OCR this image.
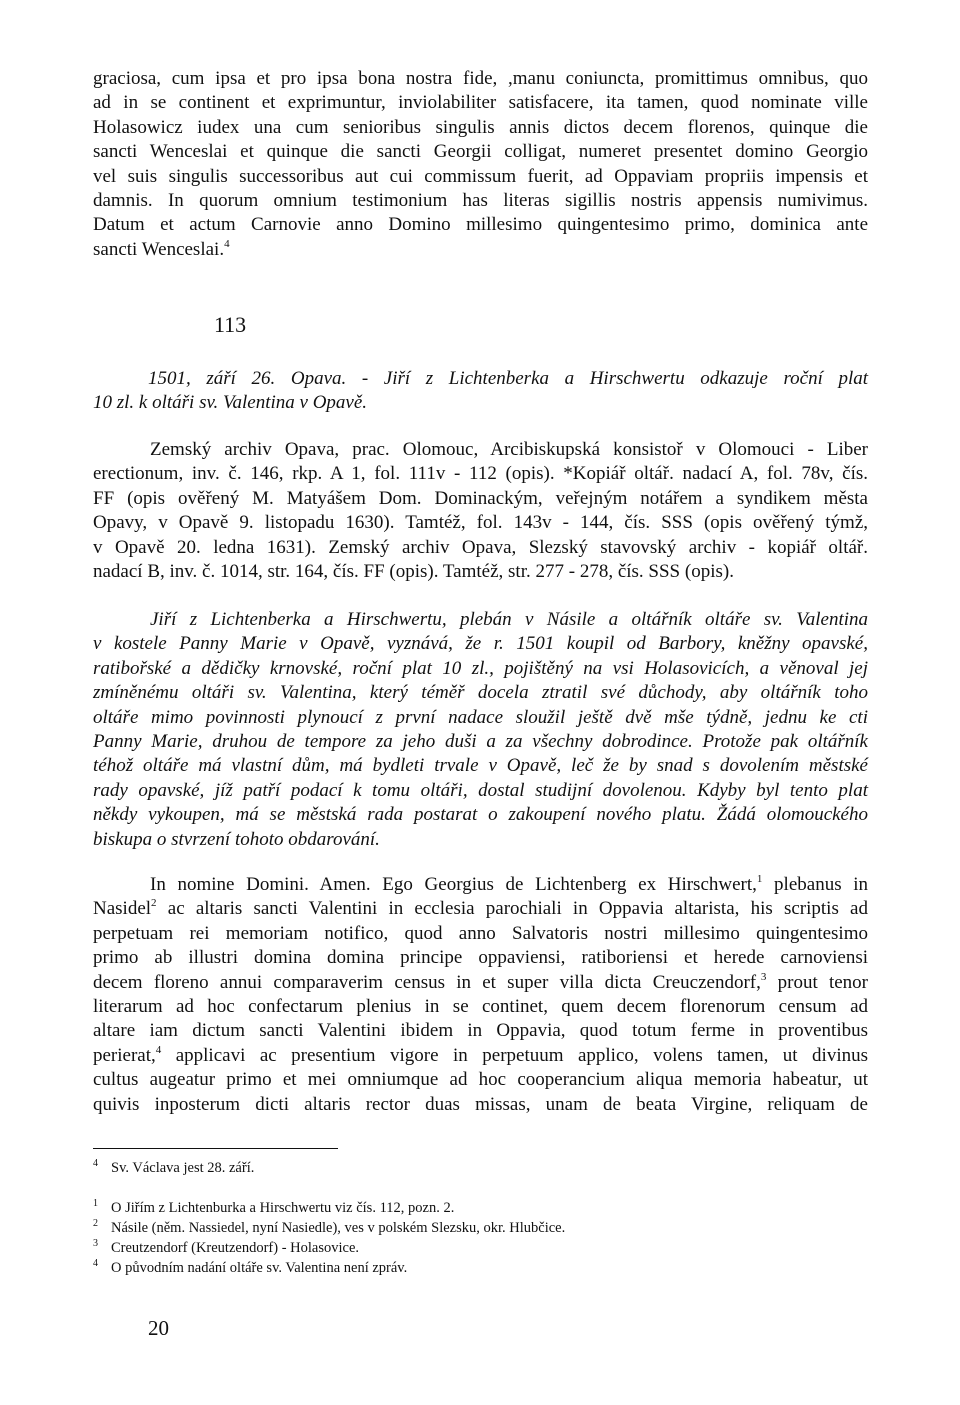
graciosa, cum ipsa et pro ipsa bona nostra fide, ,manu coniuncta, promittimus omnibus, quo
ad in se continent et exprimuntur, inviolabiliter satisfacere, ita tamen, quod nominate ville
Holasowicz iudex una cum senioribus singulis annis dictos decem florenos, quinque die
sancti Wenceslai et quinque die sancti Georgii colligat, numeret presentet domino Georgio
vel suis singulis successoribus aut cui commissum fuerit, ad Oppaviam propriis impensis et
damnis. In quorum omnium testimonium has literas sigillis nostris appensis numivimus.
Datum et actum Carnovie anno Domino millesimo quingentesimo primo, dominica ante
sancti Wenceslai.$^4$
113
1501, září 26. Opava. - Jiří z Lichtenberka a Hirschwertu odkazuje roční plat
10 zl. k oltáři sv. Valentina v Opavě.
Zemský archiv Opava, prac. Olomouc, Arcibiskupská konsistoř v Olomouci - Liber
erectionum, inv. č. 146, rkp. A 1, fol. 111v - 112 (opis). *Kopiář oltář. nadací A, fol. 78v, čís.
FF (opis ověřený M. Matyášem Dom. Dominackým, veřejným notářem a syndikem města
Opavy, v Opavě 9. listopadu 1630). Tamtéž, fol. 143v - 144, čís. SSS (opis ověřený týmž,
v Opavě 20. ledna 1631). Zemský archiv Opava, Slezský stavovský archiv - kopiář oltář.
nadací B, inv. č. 1014, str. 164, čís. FF (opis). Tamtéž, str. 277 - 278, čís. SSS (opis).
Jiří z Lichtenberka a Hirschwertu, plebán v Násile a oltářník oltáře sv. Valentina
v kostele Panny Marie v Opavě, vyznává, že r. 1501 koupil od Barbory, kněžny opavské,
ratibořské a dědičky krnovské, roční plat 10 zl., pojištěný na vsi Holasovicích, a věnoval jej
zmíněnému oltáři sv. Valentina, který téměř docela ztratil své důchody, aby oltářník toho
oltáře mimo povinnosti plynoucí z první nadace sloužil ještě dvě mše týdně, jednu ke cti
Panny Marie, druhou de tempore za jeho duši a za všechny dobrodince. Protože pak oltářník
téhož oltáře má vlastní dům, má bydleti trvale v Opavě, leč že by snad s dovolením městské
rady opavské, jíž patří podací k tomu oltáři, dostal studijní dovolenou. Kdyby byl tento plat
někdy vykoupen, má se městská rada postarat o zakoupení nového platu. Žádá olomouckého
biskupa o stvrzení tohoto obdarování.
In nomine Domini. Amen. Ego Georgius de Lichtenberg ex Hirschwert,$^1$ plebanus in
Nasidel$^2$ ac altaris sancti Valentini in ecclesia parochiali in Oppavia altarista, his scriptis ad
perpetuam rei memoriam notifico, quod anno Salvatoris nostri millesimo quingentesimo
primo ab illustri domina domina principe oppaviensi, ratiboriensi et herede carnoviensi
decem floreno annui comparaverim census in et super villa dicta Creuczendorf,$^3$ prout tenor
literarum ad hoc confectarum plenius in se continet, quem decem florenorum censum ad
altare iam dictum sancti Valentini ibidem in Oppavia, quod totum ferme in proventibus
perierat,$^4$ applicavi ac presentium vigore in perpetuum applico, volens tamen, ut divinus
cultus augeatur primo et mei omniumque ad hoc cooperancium aliqua memoria habeatur, ut
quivis inposterum dicti altaris rector duas missas, unam de beata Virgine, reliquam de
4 Sv. Václava jest 28. září.
1 O Jiřím z Lichtenburka a Hirschwertu viz čís. 112, pozn. 2.
2 Násile (něm. Nassiedel, nyní Nasiedle), ves v polském Slezsku, okr. Hlubčice.
3 Creutzendorf (Kreutzendorf) - Holasovice.
4 O původním nadání oltáře sv. Valentina není zpráv.
20
